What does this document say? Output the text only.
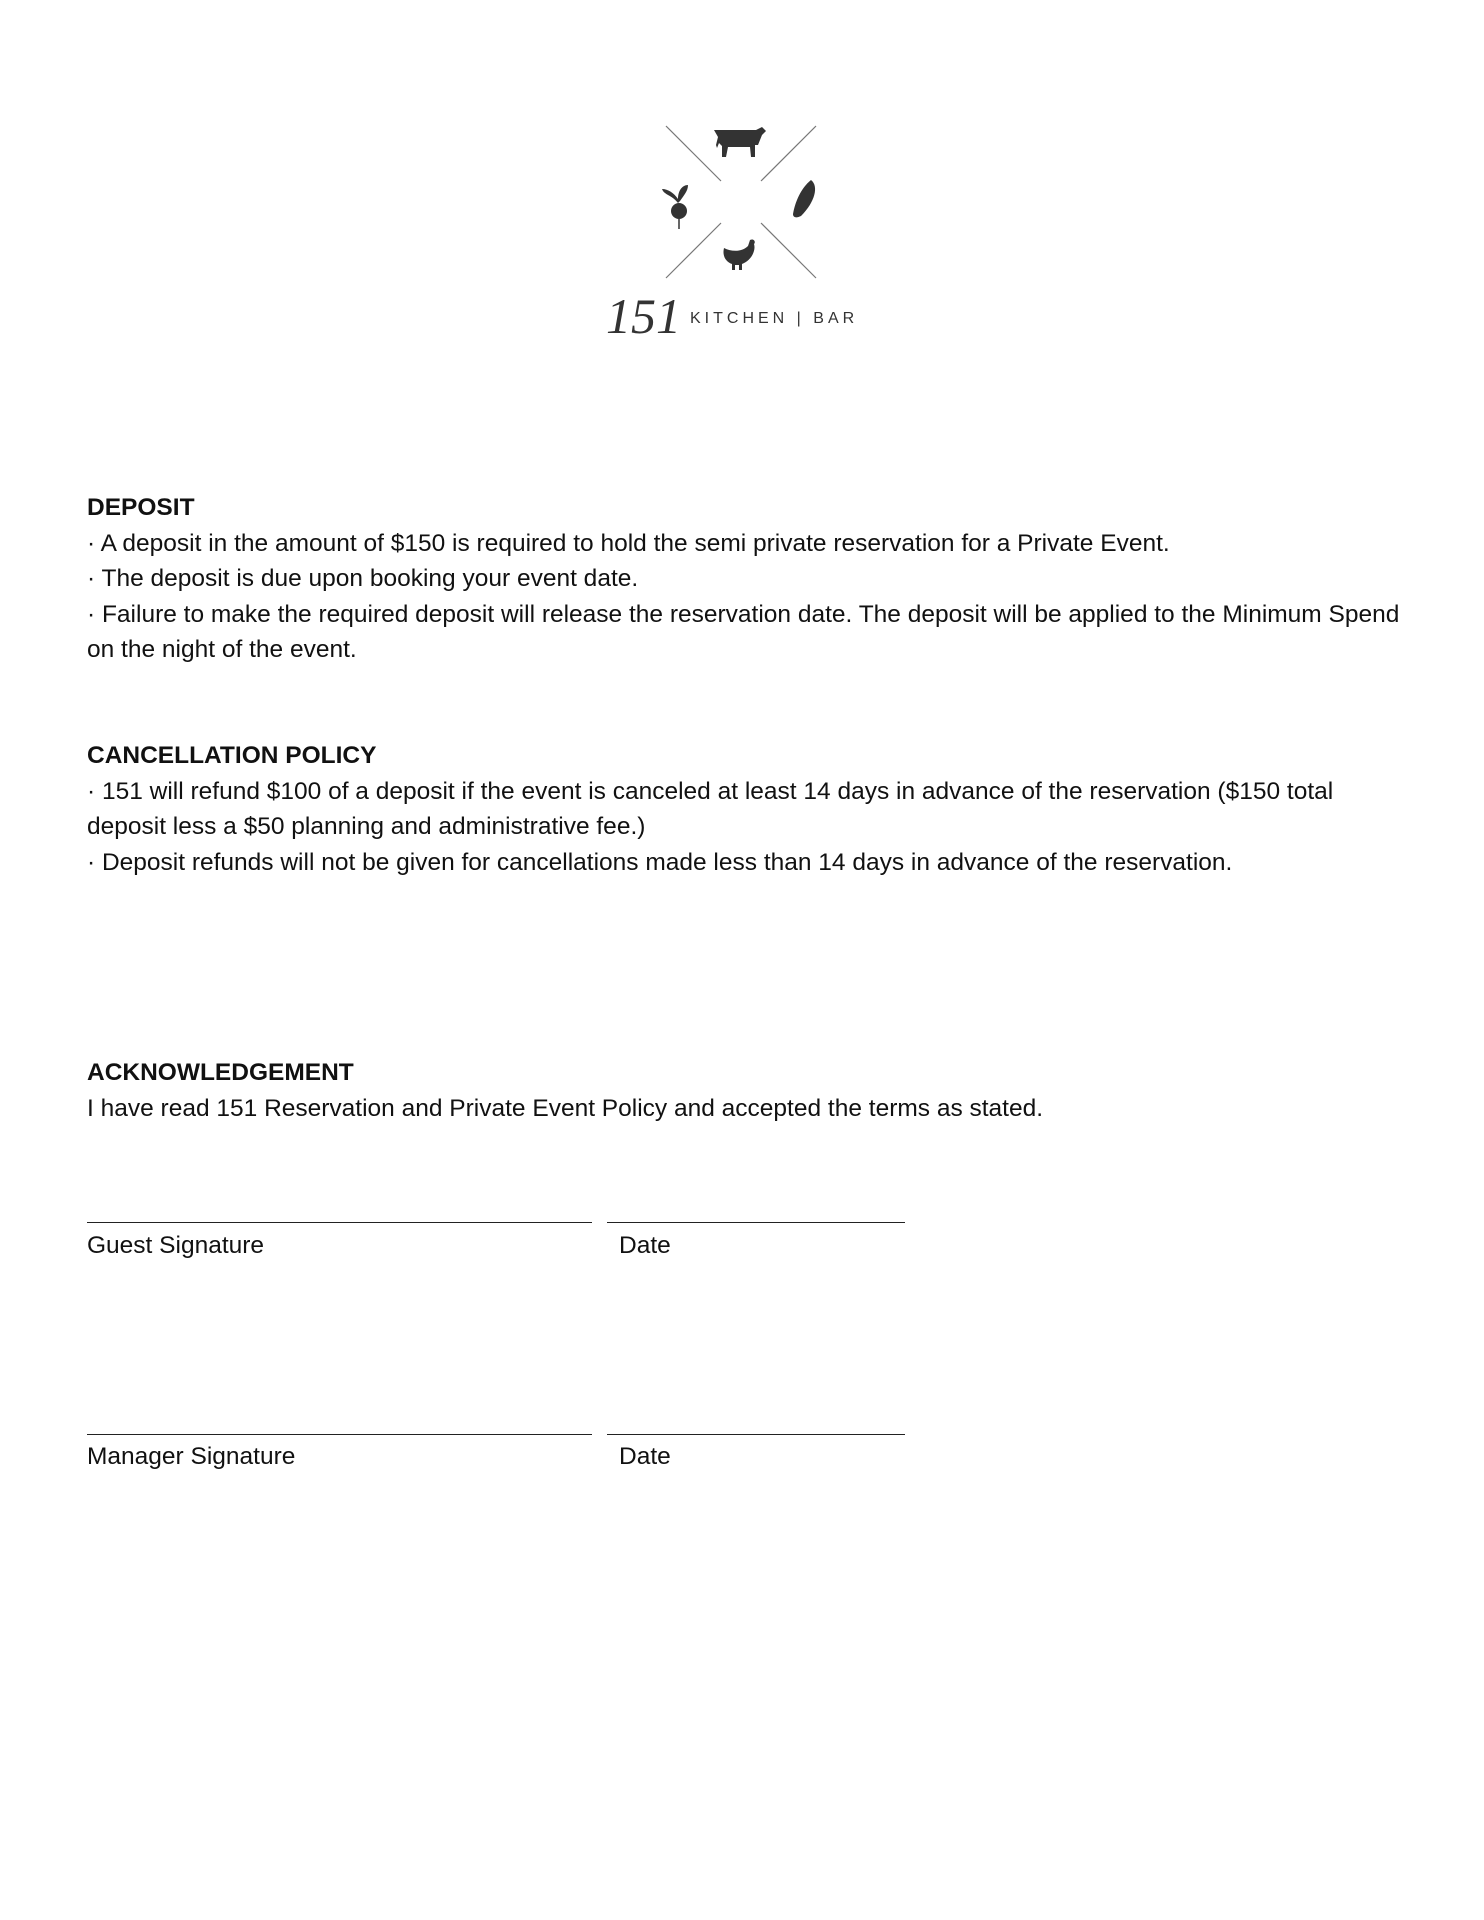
151 KITCHEN | BAR
DEPOSIT

· A deposit in the amount of $150 is required to hold the semi private reservation for a Private Event.

· The deposit is due upon booking your event date.

· Failure to make the required deposit will release the reservation date. The deposit will be applied to the Minimum Spend on the night of the event.

CANCELLATION POLICY

· 151 will refund $100 of a deposit if the event is canceled at least 14 days in advance of the reservation ($150 total deposit less a $50 planning and administrative fee.)

· Deposit refunds will not be given for cancellations made less than 14 days in advance of the reservation.

ACKNOWLEDGEMENT

I have read 151 Reservation and Private Event Policy and accepted the terms as stated.

Guest Signature	Date
Manager Signature	Date
